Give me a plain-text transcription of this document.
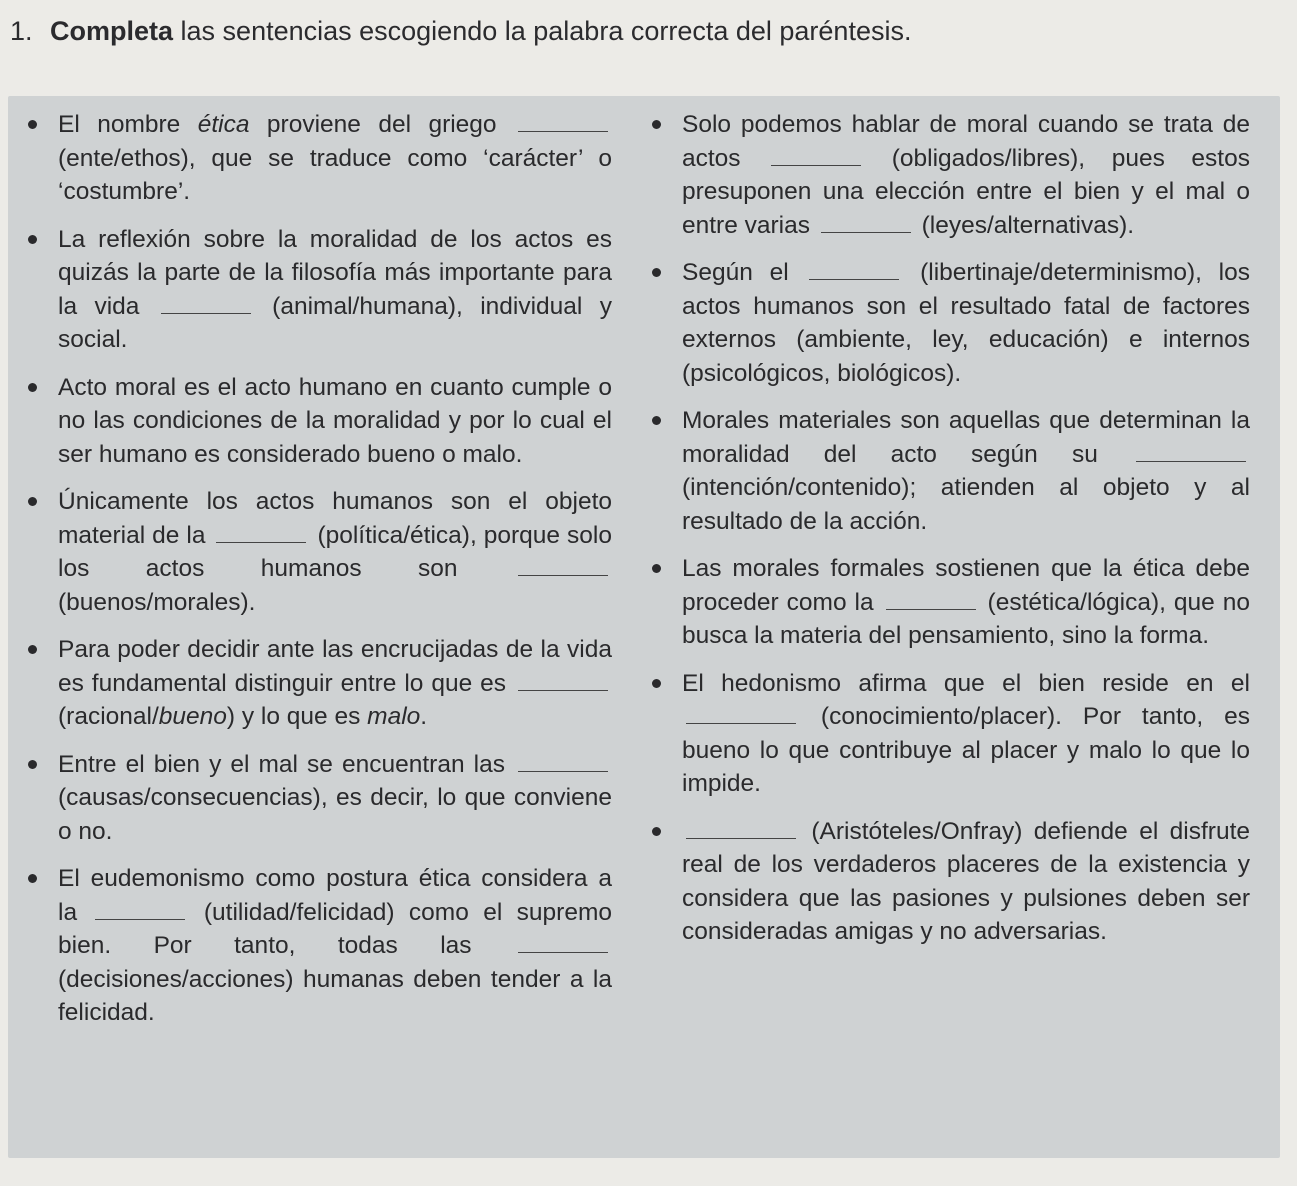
1. Completa las sentencias escogiendo la palabra correcta del paréntesis.
El nombre ética proviene del griego  (ente/ethos), que se traduce como ‘carácter’ o ‘costumbre’.
La reflexión sobre la moralidad de los actos es quizás la parte de la filosofía más importante para la vida	(animal/humana), individual y social.
Acto moral es el acto humano en cuanto cumple o no las condiciones de la moralidad y por lo cual el ser humano es considerado bueno o malo.
Únicamente los actos humanos son el objeto material de la	(política/ética), porque solo los actos humanos son  (buenos/morales).
Para poder decidir ante las encrucijadas de la vida es fundamental distinguir entre lo que es  (racional/bueno) y lo que es malo.
Entre el bien y el mal se encuentran las  (causas/consecuencias), es decir, lo que conviene o no.
El eudemonismo como postura ética considera a la	(utilidad/felicidad) como el supremo bien. Por tanto, todas las  (decisiones/acciones) humanas deben tender a la felicidad.
Solo podemos hablar de moral cuando se trata de actos	(obligados/libres), pues estos presuponen una elección entre el bien y el mal o entre varias	(leyes/alternativas).
Según el	(libertinaje/determinismo), los actos humanos son el resultado fatal de factores externos (ambiente, ley, educación) e internos (psicológicos, biológicos).
Morales materiales son aquellas que determinan la moralidad del acto según su  (intención/contenido); atienden al objeto y al resultado de la acción.
Las morales formales sostienen que la ética debe proceder como la	(estética/lógica), que no busca la materia del pensamiento, sino la forma.
El hedonismo afirma que el bien reside en el  (conocimiento/placer). Por tanto, es bueno lo que contribuye al placer y malo lo que lo impide.
(Aristóteles/Onfray) defiende el disfrute real de los verdaderos placeres de la existencia y considera que las pasiones y pulsiones deben ser consideradas amigas y no adversarias.
